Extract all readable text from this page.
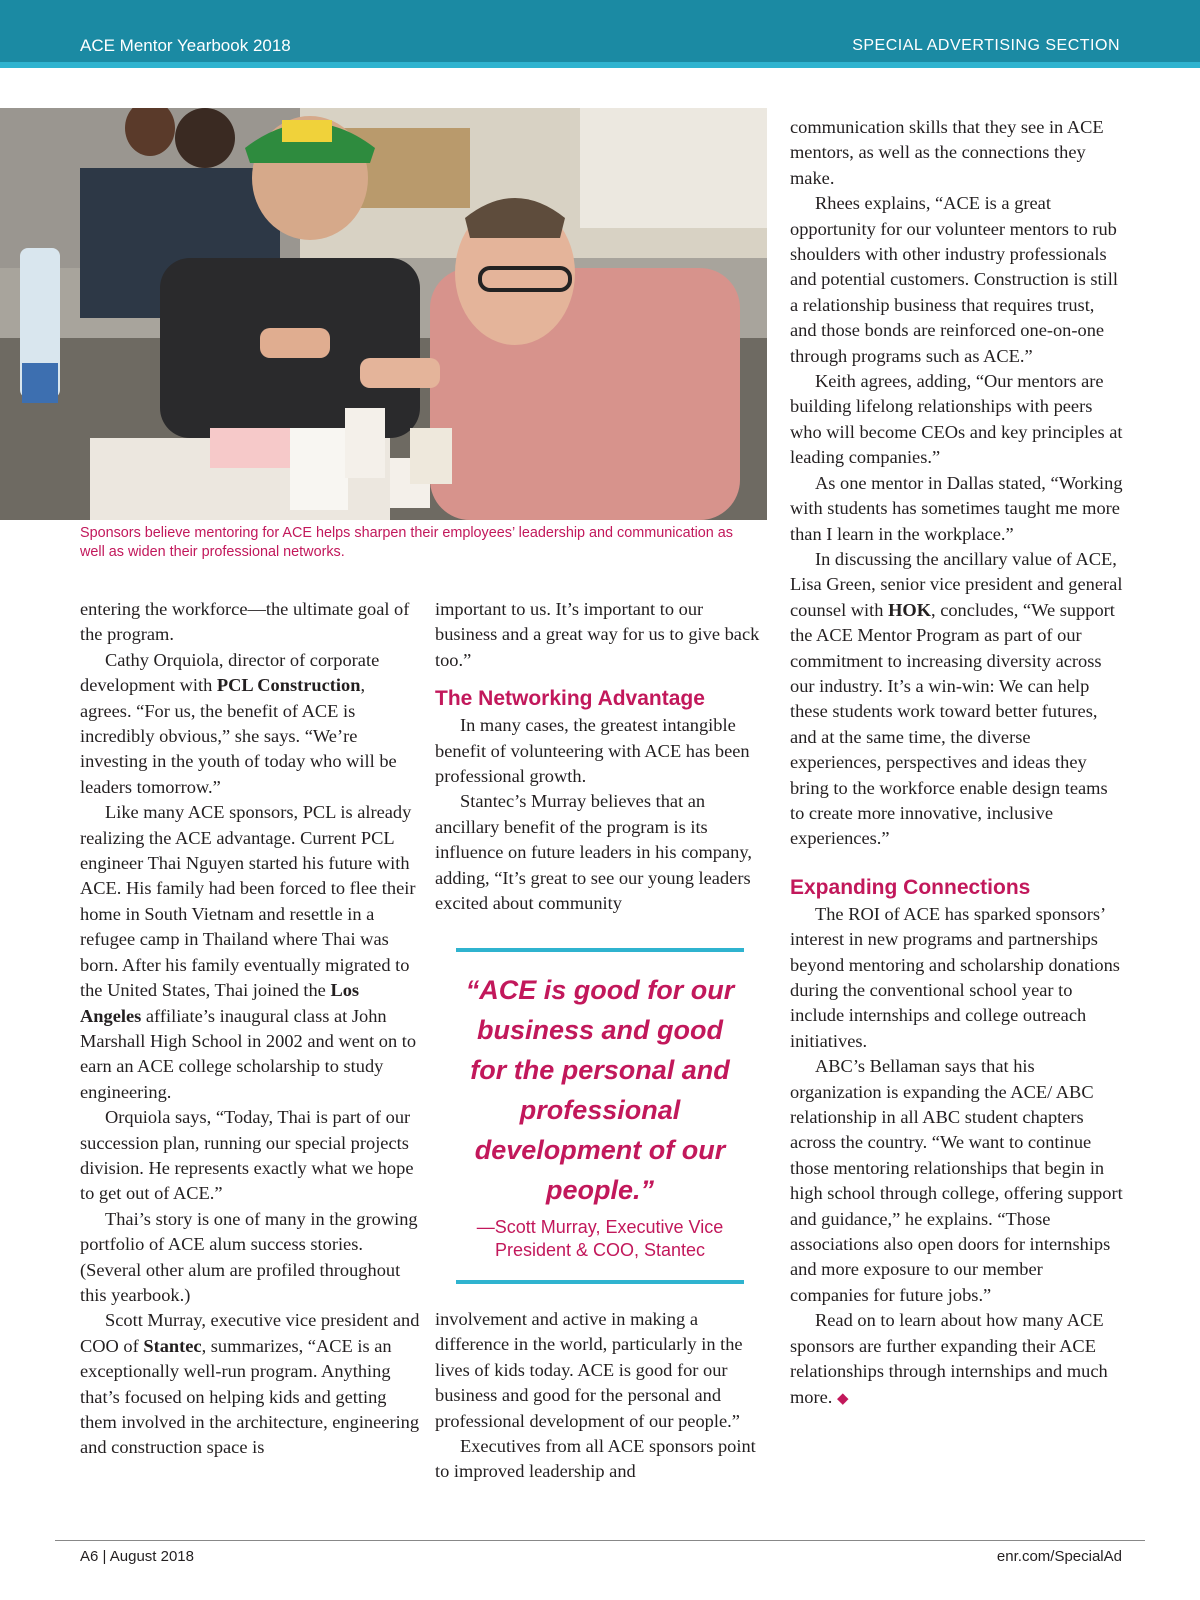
ACE Mentor Yearbook 2018	SPECIAL ADVERTISING SECTION
Sponsors believe mentoring for ACE helps sharpen their employees’ leadership and communication as well as widen their professional networks.

entering the workforce—the ultimate goal of the program.

Cathy Orquiola, director of corporate development with PCL Construction, agrees. “For us, the benefit of ACE is incredibly obvious,” she says. “We’re investing in the youth of today who will be leaders tomorrow.”

Like many ACE sponsors, PCL is already realizing the ACE advantage. Current PCL engineer Thai Nguyen started his future with ACE. His family had been forced to flee their home in South Vietnam and resettle in a refugee camp in Thailand where Thai was born. After his family eventually migrated to the United States, Thai joined the Los Angeles affiliate’s inaugural class at John Marshall High School in 2002 and went on to earn an ACE college scholarship to study engineering.

Orquiola says, “Today, Thai is part of our succession plan, running our special projects division. He represents exactly what we hope to get out of ACE.”

Thai’s story is one of many in the growing portfolio of ACE alum success stories. (Several other alum are profiled throughout this yearbook.)

Scott Murray, executive vice president and COO of Stantec, summarizes, “ACE is an exceptionally well-run program. Anything that’s focused on helping kids and getting them involved in the architecture, engineering and construction space is

important to us. It’s important to our business and a great way for us to give back too.”

The Networking Advantage

In many cases, the greatest intangible benefit of volunteering with ACE has been professional growth.

Stantec’s Murray believes that an ancillary benefit of the program is its influence on future leaders in his company, adding, “It’s great to see our young leaders excited about community

“ACE is good for our business and good for the personal and professional development of our people.”
—Scott Murray, Executive Vice President & COO, Stantec

involvement and active in making a difference in the world, particularly in the lives of kids today. ACE is good for our business and good for the personal and professional development of our people.”

Executives from all ACE sponsors point to improved leadership and

communication skills that they see in ACE mentors, as well as the connections they make.

Rhees explains, “ACE is a great opportunity for our volunteer mentors to rub shoulders with other industry professionals and potential customers. Construction is still a relationship business that requires trust, and those bonds are reinforced one-on-one through programs such as ACE.”

Keith agrees, adding, “Our mentors are building lifelong relationships with peers who will become CEOs and key principles at leading companies.”

As one mentor in Dallas stated, “Working with students has sometimes taught me more than I learn in the workplace.”

In discussing the ancillary value of ACE, Lisa Green, senior vice president and general counsel with HOK, concludes, “We support the ACE Mentor Program as part of our commitment to increasing diversity across our industry. It’s a win-win: We can help these students work toward better futures, and at the same time, the diverse experiences, perspectives and ideas they bring to the workforce enable design teams to create more innovative, inclusive experiences.”

Expanding Connections

The ROI of ACE has sparked sponsors’ interest in new programs and partnerships beyond mentoring and scholarship donations during the conventional school year to include internships and college outreach initiatives.

ABC’s Bellaman says that his organization is expanding the ACE/ ABC relationship in all ABC student chapters across the country. “We want to continue those mentoring relationships that begin in high school through college, offering support and guidance,” he explains. “Those associations also open doors for internships and more exposure to our member companies for future jobs.”

Read on to learn about how many ACE sponsors are further expanding their ACE relationships through internships and much more. ◆

A6 | August 2018	enr.com/SpecialAd
